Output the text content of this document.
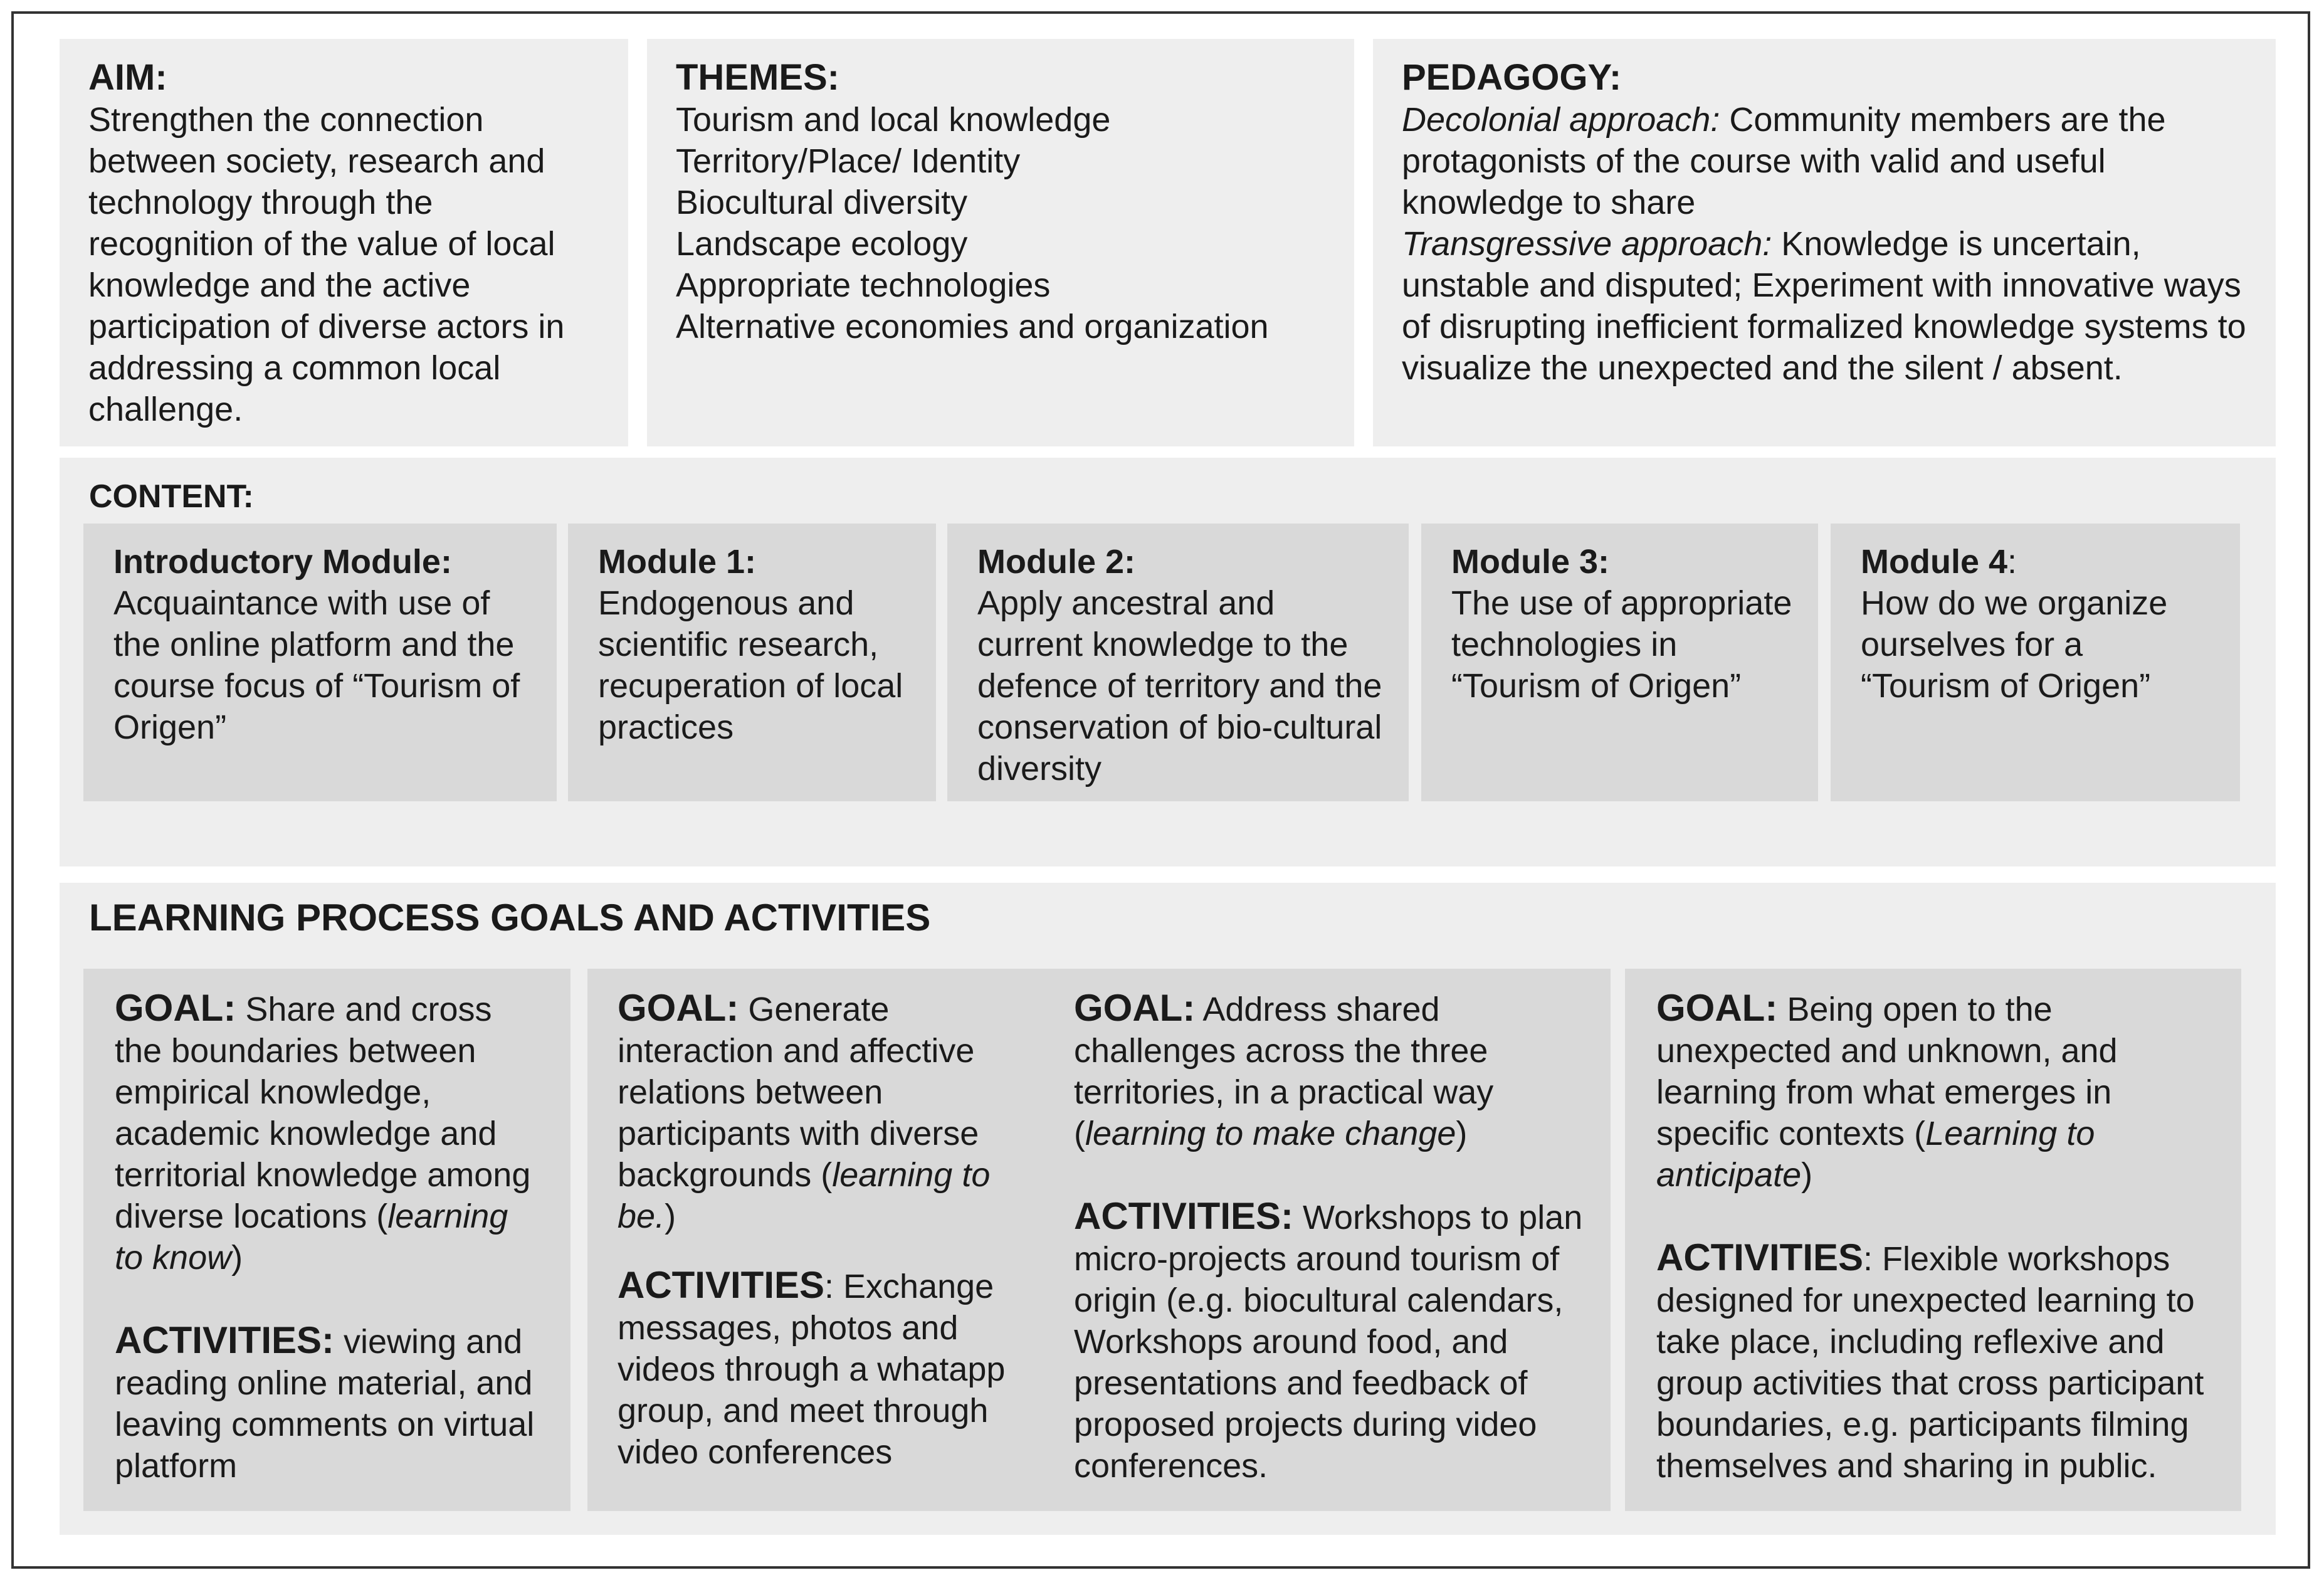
AIM:

Strengthen the connection between society, research and technology through the recognition of the value of local knowledge and the active participation of diverse actors in addressing a common local challenge.

THEMES:
Tourism and local knowledge
Territory/Place/ Identity
Biocultural diversity
Landscape ecology
Appropriate technologies
Alternative economies and organization
PEDAGOGY:

Decolonial approach: Community members are the protagonists of the course with valid and useful knowledge to share

Transgressive approach: Knowledge is uncertain, unstable and disputed; Experiment with innovative ways of disrupting inefficient formalized knowledge systems to visualize the unexpected and the silent / absent.

CONTENT:

Introductory Module:

Acquaintance with use of the online platform and the course focus of “Tourism of Origen”

Module 1:

Endogenous and scientific research, recuperation of local practices

Module 2:

Apply ancestral and current knowledge to the defence of territory and the conservation of bio-cultural diversity

Module 3:

The use of appropriate technologies in “Tourism of Origen”

Module 4:

How do we organize ourselves for a “Tourism of Origen”

LEARNING PROCESS GOALS AND ACTIVITIES

GOAL: Share and cross the boundaries between empirical knowledge, academic knowledge and territorial knowledge among diverse locations (learning to know)

ACTIVITIES: viewing and reading online material, and leaving comments on virtual platform

GOAL: Generate interaction and affective relations between participants with diverse backgrounds (learning to be.)

ACTIVITIES: Exchange messages, photos and videos through a whatapp group, and meet through video conferences

GOAL: Address shared challenges across the three territories, in a practical way (learning to make change)

ACTIVITIES: Workshops to plan micro-projects around tourism of origin (e.g. biocultural calendars, Workshops around food, and presentations and feedback of proposed projects during video conferences.

GOAL: Being open to the unexpected and unknown, and learning from what emerges in specific contexts (Learning to anticipate)

ACTIVITIES: Flexible workshops designed for unexpected learning to take place, including reflexive and group activities that cross participant boundaries, e.g. participants filming themselves and sharing in public.
